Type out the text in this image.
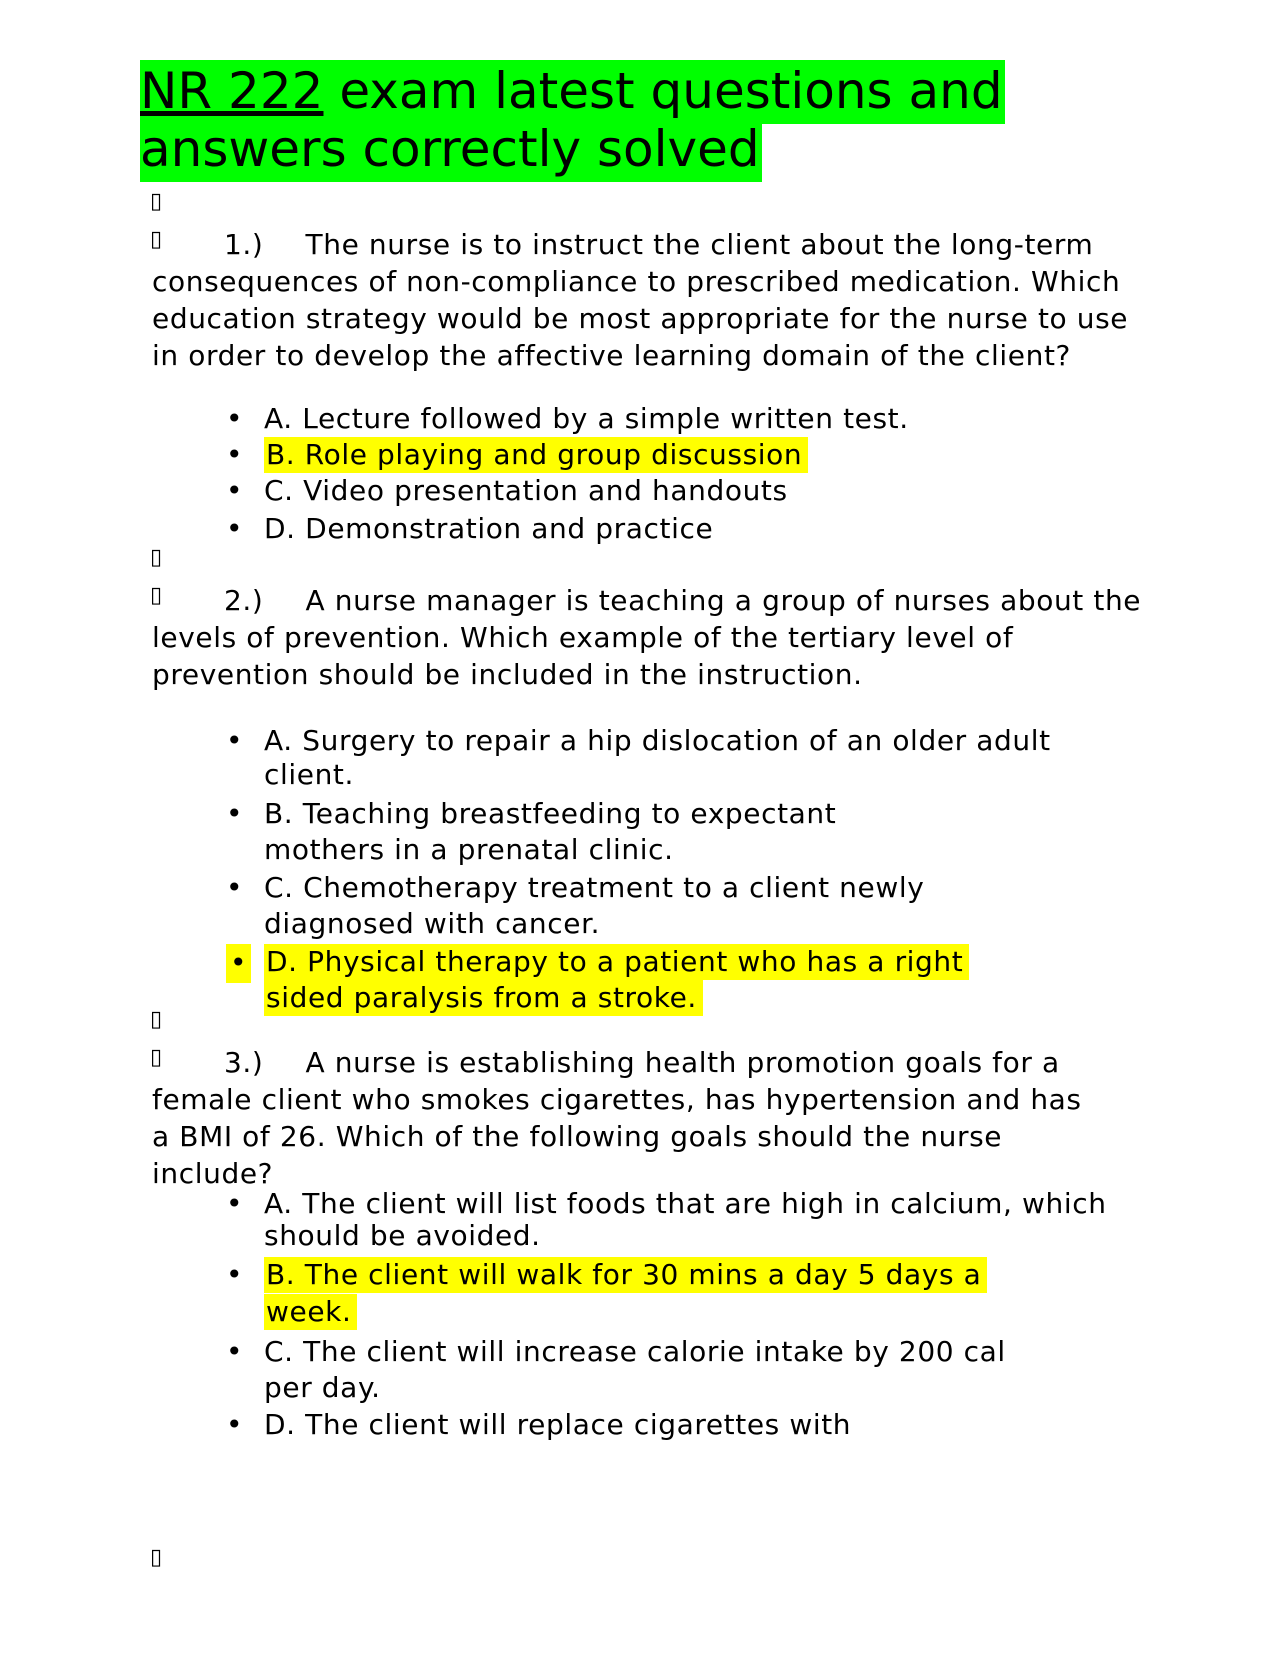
NR 222 exam latest questions and answers correctly solved
▯
▯	1.) The nurse is to instruct the client about the long-term consequences of non-compliance to prescribed medication. Which education strategy would be most appropriate for the nurse to use in order to develop the affective learning domain of the client?
• A. Lecture followed by a simple written test.
• B. Role playing and group discussion
• C. Video presentation and handouts
• D. Demonstration and practice
▯
▯	2.) A nurse manager is teaching a group of nurses about the levels of prevention. Which example of the tertiary level of prevention should be included in the instruction.
• A. Surgery to repair a hip dislocation of an older adult client.
• B. Teaching breastfeeding to expectant mothers in a prenatal clinic.
• C. Chemotherapy treatment to a client newly diagnosed with cancer.
• D. Physical therapy to a patient who has a right sided paralysis from a stroke.
▯
▯	3.) A nurse is establishing health promotion goals for a female client who smokes cigarettes, has hypertension and has a BMI of 26. Which of the following goals should the nurse include?
• A. The client will list foods that are high in calcium, which should be avoided.
• B. The client will walk for 30 mins a day 5 days a week.
• C. The client will increase calorie intake by 200 cal per day.
• D. The client will replace cigarettes with
▯
